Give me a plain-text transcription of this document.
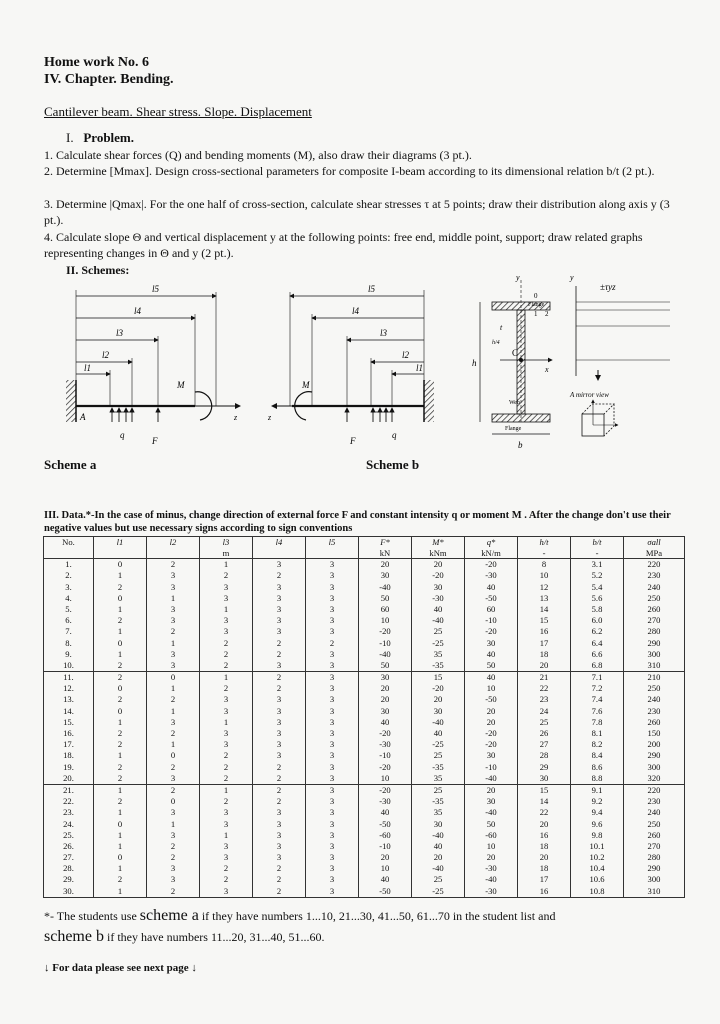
Home work No. 6
IV. Chapter. Bending.
Cantilever beam. Shear stress. Slope. Displacement
I. Problem.
1. Calculate shear forces (Q) and bending moments (M), also draw their diagrams (3 pt.).
2. Determine [Mmax]. Design cross-sectional parameters for composite I-beam according to its dimensional relation b/t (2 pt.).
3. Determine |Qmax|. For the one half of cross-section, calculate shear stresses τ at 5 points; draw their distribution along axis y (3 pt.).
4. Calculate slope Θ and vertical displacement y at the following points: free end, middle point, support; draw related graphs representing changes in Θ and y (2 pt.).
II. Schemes:
l5
l4
l3
l2
l1
q
F
M
A	z
l5
l4
l3
l2
l1
q
F
M
z
y
Flange
Web
Flange
h
b
t
C
x
h/4
0
1 2
y
±τyz
A mirror view
Scheme a	Scheme b
III. Data.*-In the case of minus, change direction of external force F and constant intensity q or moment M . After the change don't use their negative values but use necessary signs according to sign conventions
No.	l1	l2	l3	l4	l5	F*	M*	q*	h/t	b/t	σall
			m			kN	kNm	kN/m	-	-	MPa
1.	0	2	1	3	3	20	20	-20	8	3.1	220
2.	1	3	2	2	3	30	-20	-30	10	5.2	230
3.	2	3	3	3	3	-40	30	40	12	5.4	240
4.	0	1	3	3	3	50	-30	-50	13	5.6	250
5.	1	3	1	3	3	60	40	60	14	5.8	260
6.	2	3	3	3	3	10	-40	-10	15	6.0	270
7.	1	2	3	3	3	-20	25	-20	16	6.2	280
8.	0	1	2	2	2	-10	-25	30	17	6.4	290
9.	1	3	2	2	3	-40	35	40	18	6.6	300
10.	2	3	2	3	3	50	-35	50	20	6.8	310
11.	2	0	1	2	3	30	15	40	21	7.1	210
12.	0	1	2	2	3	20	-20	10	22	7.2	250
13.	2	2	3	3	3	20	20	-50	23	7.4	240
14.	0	1	3	3	3	30	30	20	24	7.6	230
15.	1	3	1	3	3	40	-40	20	25	7.8	260
16.	2	2	3	3	3	-20	40	-20	26	8.1	150
17.	2	1	3	3	3	-30	-25	-20	27	8.2	200
18.	1	0	2	3	3	-10	25	30	28	8.4	290
19.	2	2	2	2	3	-20	-35	-10	29	8.6	300
20.	2	3	2	2	3	10	35	-40	30	8.8	320
21.	1	2	1	2	3	-20	25	20	15	9.1	220
22.	2	0	2	2	3	-30	-35	30	14	9.2	230
23.	1	3	3	3	3	40	35	-40	22	9.4	240
24.	0	1	3	3	3	-50	30	50	20	9.6	250
25.	1	3	1	3	3	-60	-40	-60	16	9.8	260
26.	1	2	3	3	3	-10	40	10	18	10.1	270
27.	0	2	3	3	3	20	20	20	20	10.2	280
28.	1	3	2	2	3	10	-40	-30	18	10.4	290
29.	2	3	2	2	3	40	25	-40	17	10.6	300
30.	1	2	3	2	3	-50	-25	-30	16	10.8	310
*- The students use scheme a if they have numbers 1...10, 21...30, 41...50, 61...70 in the student list and
scheme b if they have numbers 11...20, 31...40, 51...60.
↓ For data please see next page ↓
